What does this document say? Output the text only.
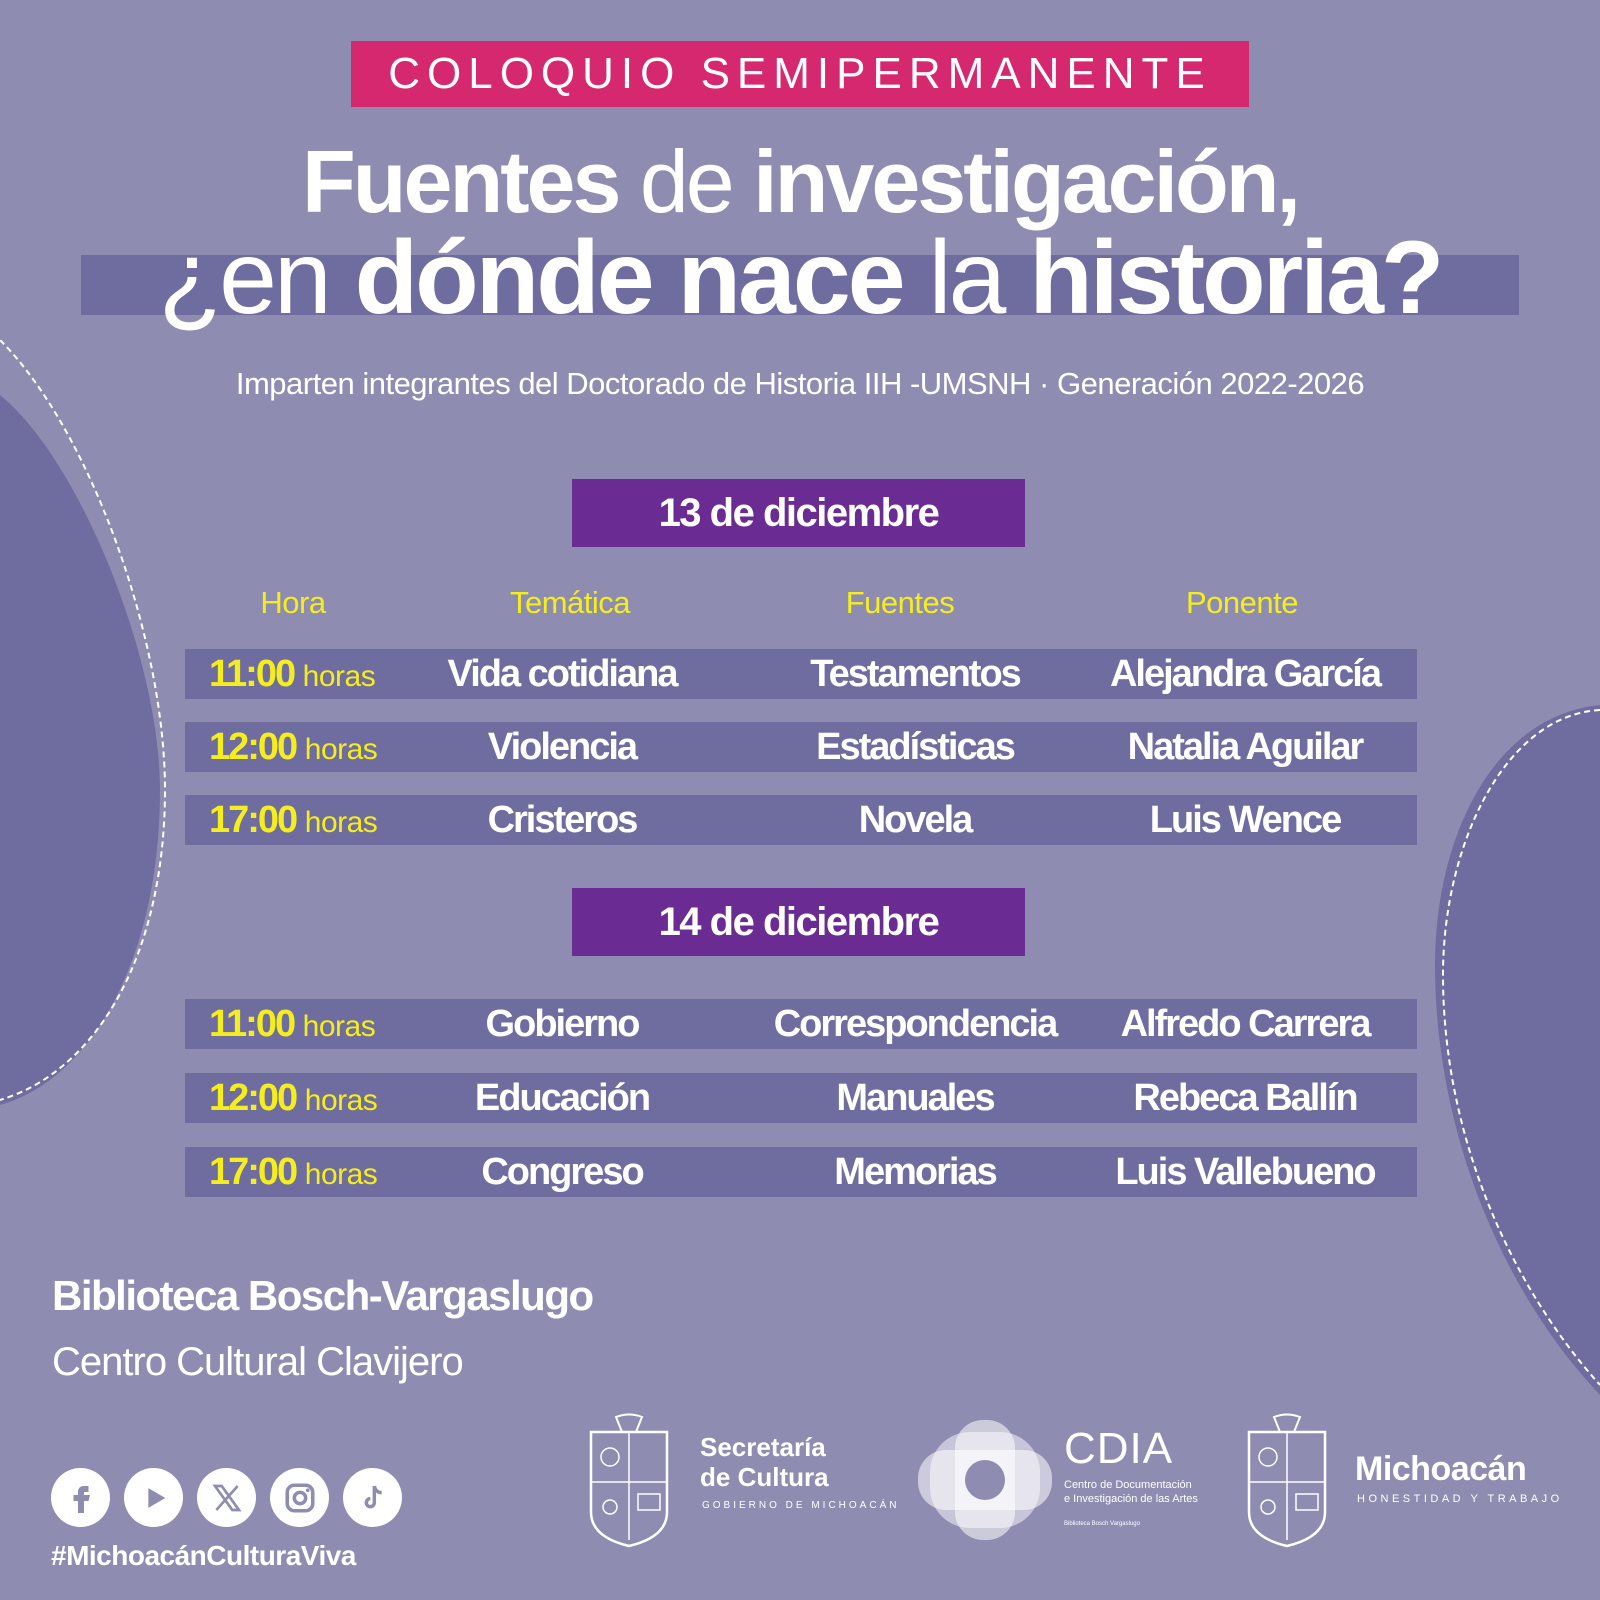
COLOQUIO SEMIPERMANENTE
Fuentes de investigación,
¿en dónde nace la historia?
Imparten integrantes del Doctorado de Historia IIH -UMSNH · Generación 2022-2026
13 de diciembre
Hora	Temática	Fuentes	Ponente
11:00 horas	Vida cotidiana	Testamentos	Alejandra García
12:00 horas	Violencia	Estadísticas	Natalia Aguilar
17:00 horas	Cristeros	Novela	Luis Wence
14 de diciembre
11:00 horas	Gobierno	Correspondencia	Alfredo Carrera
12:00 horas	Educación	Manuales	Rebeca Ballín
17:00 horas	Congreso	Memorias	Luis Vallebueno
Biblioteca Bosch-Vargaslugo
Centro Cultural Clavijero
#MichoacánCulturaViva
Secretaría
de Cultura
GOBIERNO DE MICHOACÁN
CDIA
Centro de Documentación
e Investigación de las Artes
Biblioteca Bosch Vargaslugo
Michoacán
HONESTIDAD Y TRABAJO
